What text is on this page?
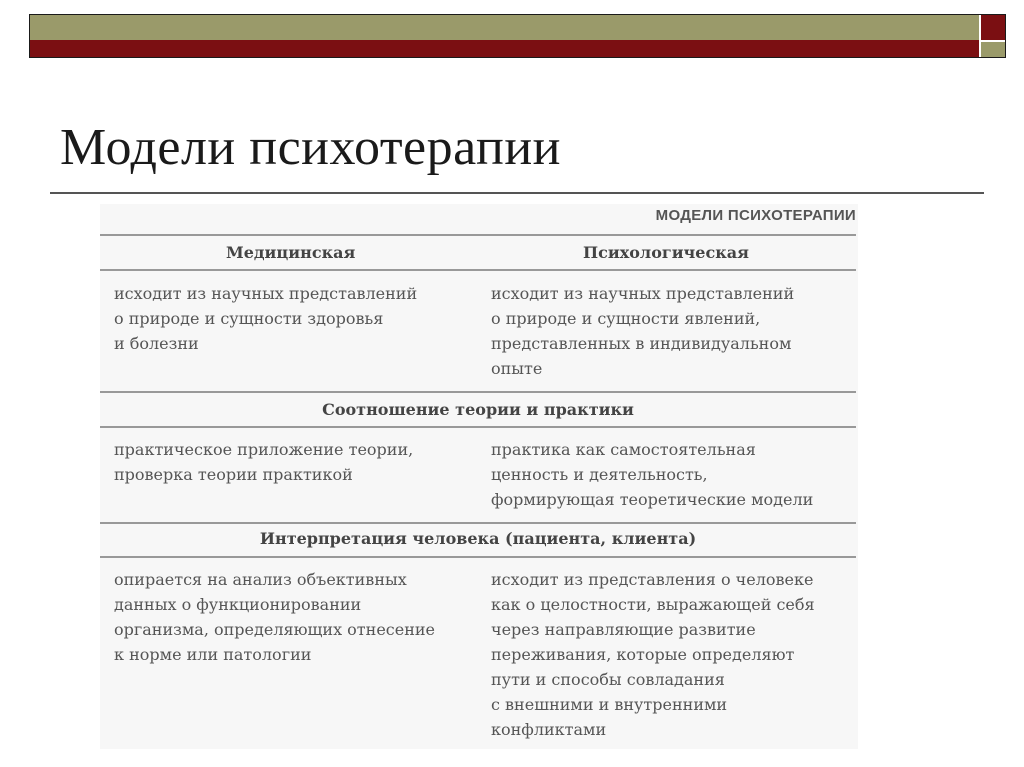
Модели психотерапии
МОДЕЛИ ПСИХОТЕРАПИИ
Медицинская	Психологическая
исходит из научных представлений
о природе и сущности здоровья
и болезни
исходит из научных представлений
о природе и сущности явлений,
представленных в индивидуальном
опыте
Соотношение теории и практики
практическое приложение теории,
проверка теории практикой
практика как самостоятельная
ценность и деятельность,
формирующая теоретические модели
Интерпретация человека (пациента, клиента)
опирается на анализ объективных
данных о функционировании
организма, определяющих отнесение
к норме или патологии
исходит из представления о человеке
как о целостности, выражающей себя
через направляющие развитие
переживания, которые определяют
пути и способы совладания
с внешними и внутренними
конфликтами
